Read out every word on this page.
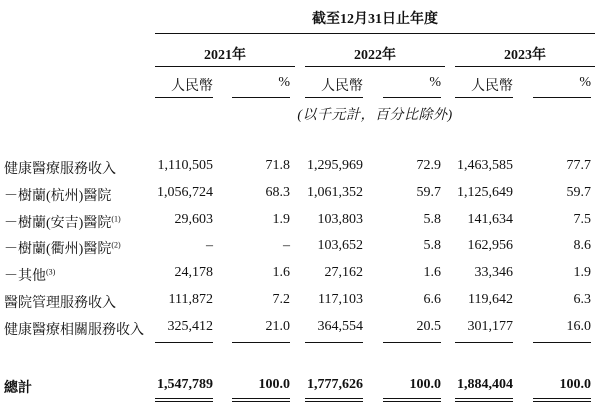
截至12月31日止年度
2021年	2022年	2023年
人民幣	%	人民幣	%	人民幣	%
(以千元計，百分比除外)
健康醫療服務收入	1,110,505	71.8	1,295,969	72.9	1,463,585	77.7
－樹蘭(杭州)醫院	1,056,724	68.3	1,061,352	59.7	1,125,649	59.7
－樹蘭(安吉)醫院$^{(1)}$	29,603	1.9	103,803	5.8	141,634	7.5
－樹蘭(衢州)醫院$^{(2)}$	–	–	103,652	5.8	162,956	8.6
－其他$^{(3)}$	24,178	1.6	27,162	1.6	33,346	1.9
醫院管理服務收入	111,872	7.2	117,103	6.6	119,642	6.3
健康醫療相關服務收入	325,412	21.0	364,554	20.5	301,177	16.0
總計	1,547,789	100.0	1,777,626	100.0	1,884,404	100.0
